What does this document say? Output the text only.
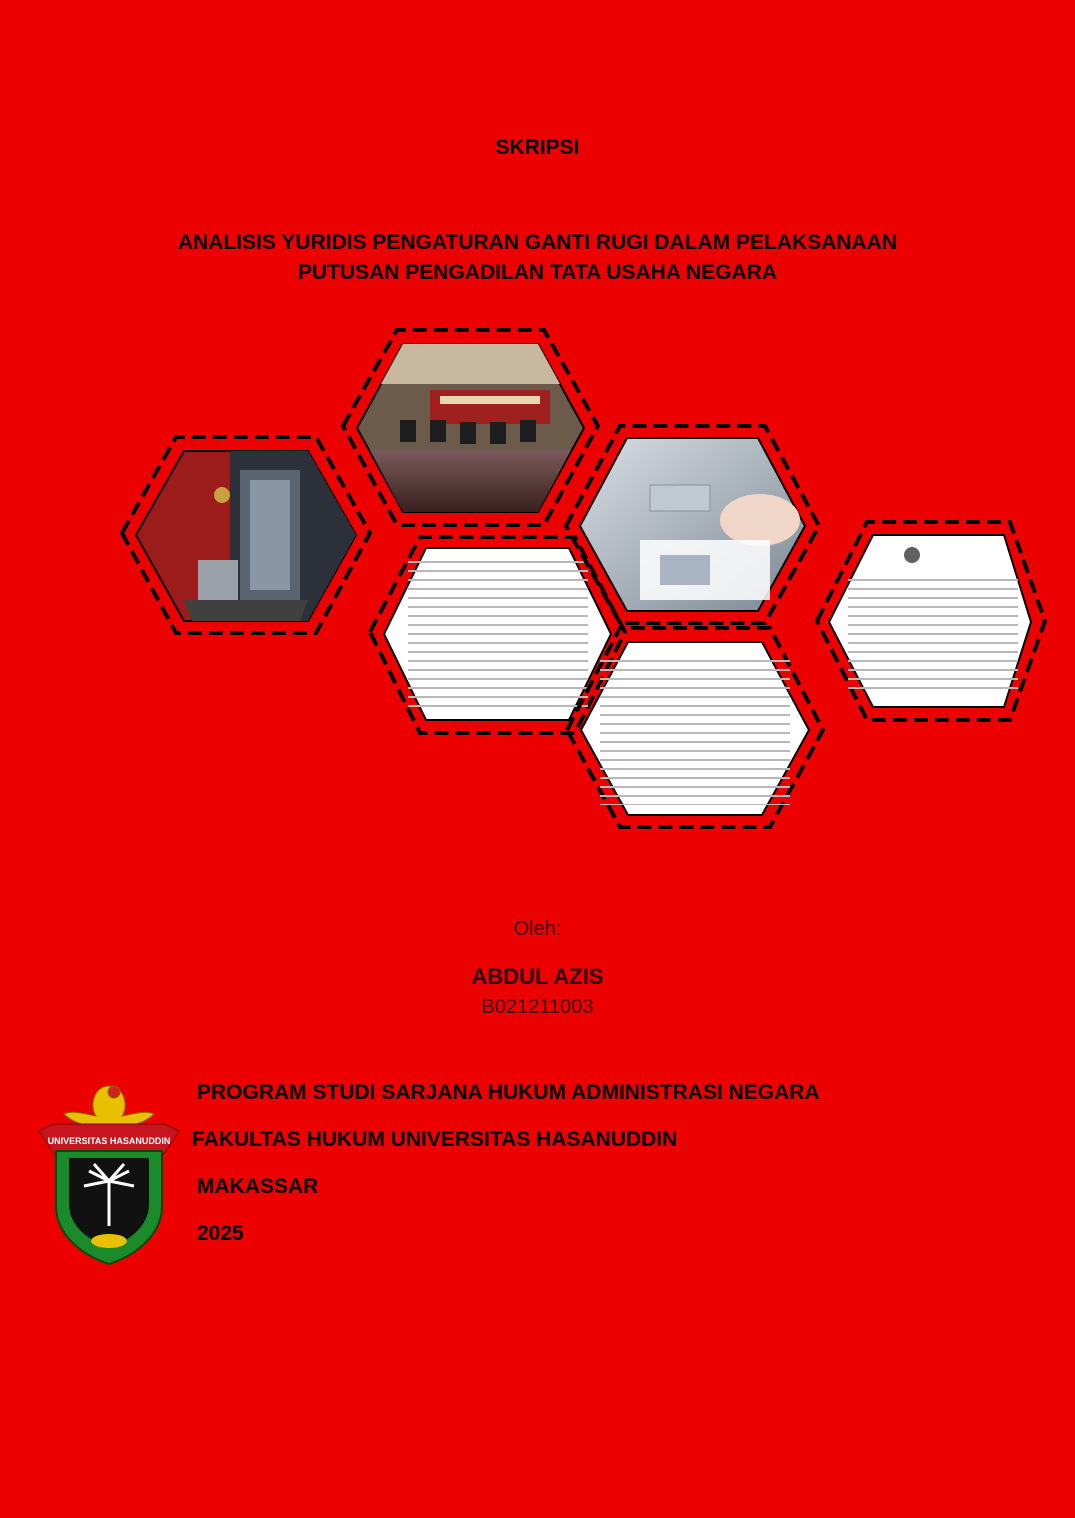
SKRIPSI
ANALISIS YURIDIS PENGATURAN GANTI RUGI DALAM PELAKSANAAN
PUTUSAN PENGADILAN TATA USAHA NEGARA
Oleh:
ABDUL AZIS
B021211003
UNIVERSITAS HASANUDDIN
PROGRAM STUDI SARJANA HUKUM ADMINISTRASI NEGARA
FAKULTAS HUKUM UNIVERSITAS HASANUDDIN
MAKASSAR
2025
